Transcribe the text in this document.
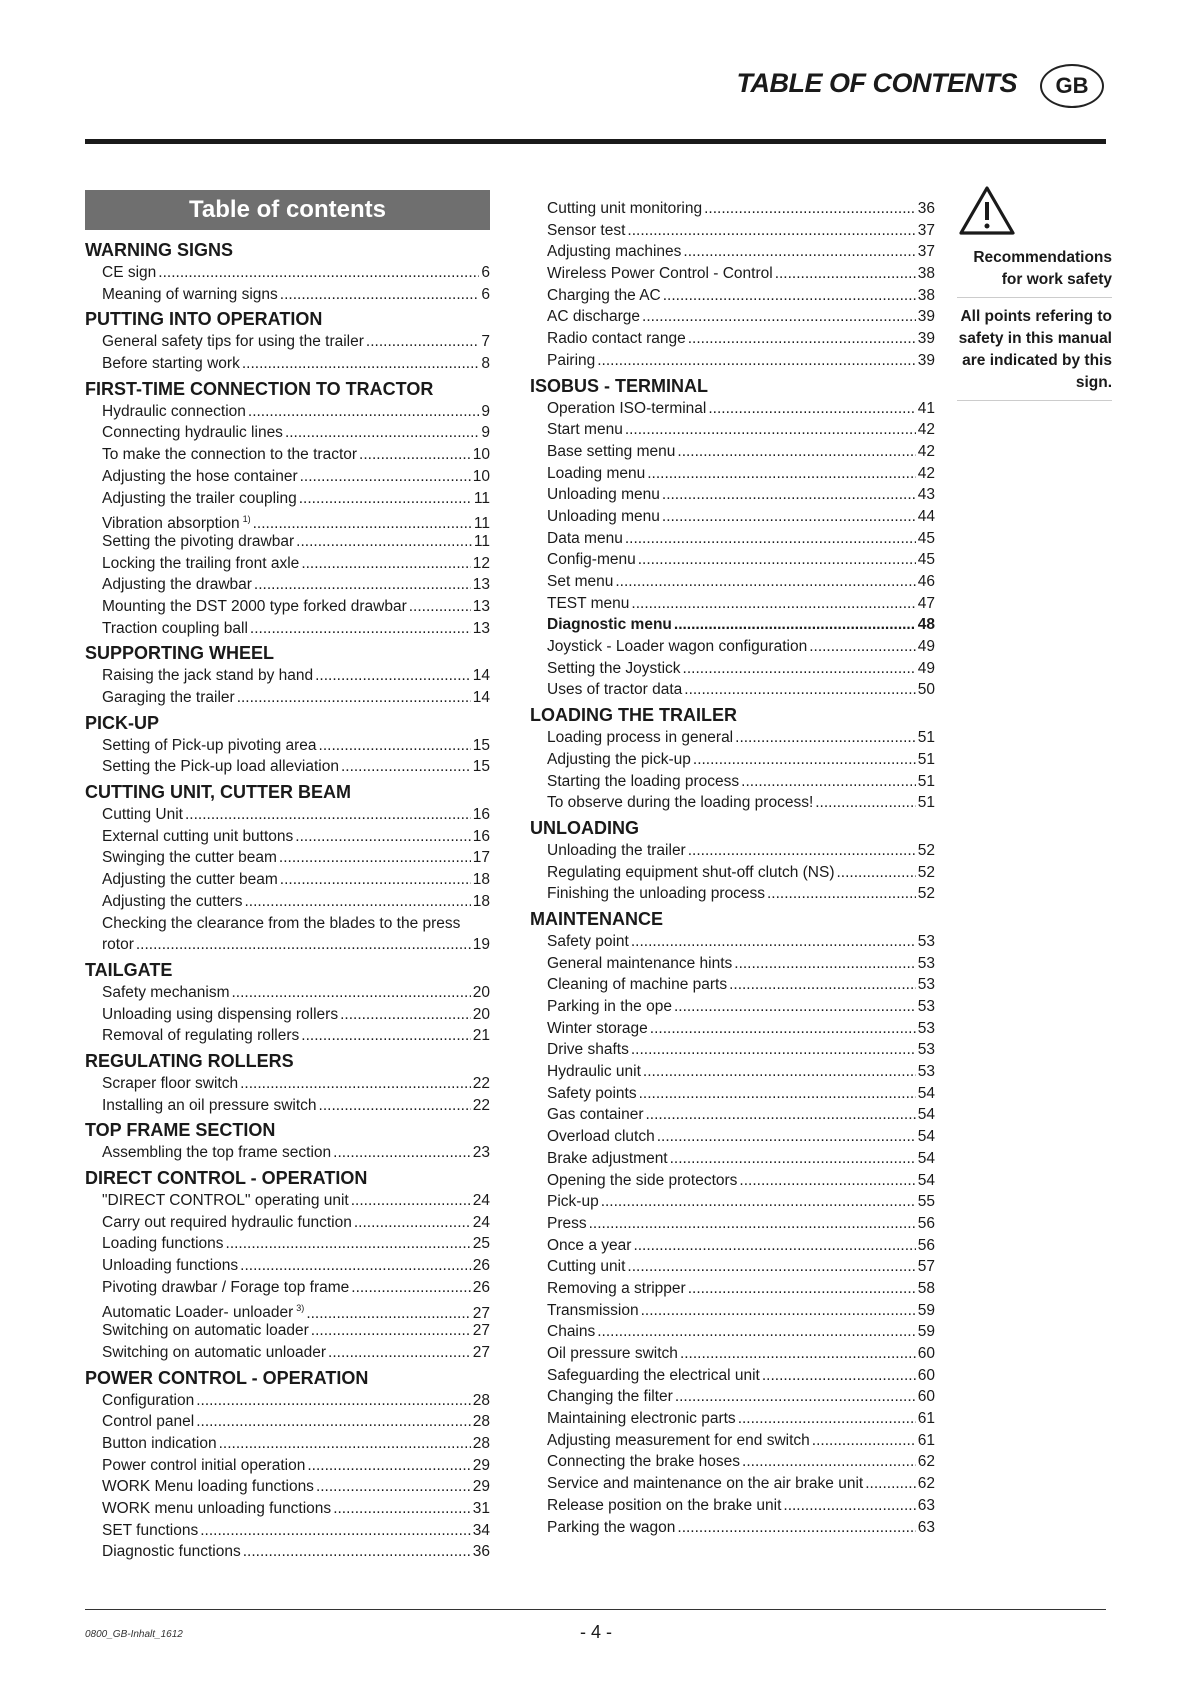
TABLE OF CONTENTS	GB
Table of contents
WARNING SIGNS
CE sign .....	6
Meaning of warning signs .....	6
PUTTING INTO OPERATION
General safety tips for using the trailer .....	7
Before starting work .....	8
FIRST-TIME CONNECTION TO TRACTOR
Hydraulic connection .....	9
Connecting hydraulic lines .....	9
To make the connection to the tractor .....	10
Adjusting the hose container .....	10
Adjusting the trailer coupling .....	11
Vibration absorption $^{1)}$ .....	11
Setting the pivoting drawbar .....	11
Locking the trailing front axle .....	12
Adjusting the drawbar .....	13
Mounting the DST 2000 type forked drawbar .....	13
Traction coupling ball .....	13
SUPPORTING WHEEL
Raising the jack stand by hand .....	14
Garaging the trailer .....	14
PICK-UP
Setting of Pick-up pivoting area .....	15
Setting the Pick-up load alleviation .....	15
CUTTING UNIT, CUTTER BEAM
Cutting Unit .....	16
External cutting unit buttons .....	16
Swinging the cutter beam .....	17
Adjusting the cutter beam .....	18
Adjusting the cutters .....	18
Checking the clearance from the blades to the press
rotor .....	19
TAILGATE
Safety mechanism .....	20
Unloading using dispensing rollers .....	20
Removal of regulating rollers .....	21
REGULATING ROLLERS
Scraper floor switch .....	22
Installing an oil pressure switch .....	22
TOP FRAME SECTION
Assembling the top frame section .....	23
DIRECT CONTROL - OPERATION
"DIRECT CONTROL" operating unit .....	24
Carry out required hydraulic function .....	24
Loading functions .....	25
Unloading functions .....	26
Pivoting drawbar / Forage top frame .....	26
Automatic Loader- unloader $^{3)}$ .....	27
Switching on automatic loader .....	27
Switching on automatic unloader .....	27
POWER CONTROL - OPERATION
Configuration .....	28
Control panel .....	28
Button indication .....	28
Power control initial operation .....	29
WORK Menu loading functions .....	29
WORK menu unloading functions .....	31
SET functions .....	34
Diagnostic functions .....	36
Cutting unit monitoring .....	36
Sensor test .....	37
Adjusting machines .....	37
Wireless Power Control - Control .....	38
Charging the AC .....	38
AC discharge .....	39
Radio contact range .....	39
Pairing .....	39
ISOBUS - TERMINAL
Operation ISO-terminal .....	41
Start menu .....	42
Base setting menu .....	42
Loading menu .....	42
Unloading menu .....	43
Unloading menu .....	44
Data menu .....	45
Config-menu .....	45
Set menu .....	46
TEST menu .....	47
Diagnostic menu .....	48
Joystick - Loader wagon configuration .....	49
Setting the Joystick .....	49
Uses of tractor data .....	50
LOADING THE TRAILER
Loading process in general .....	51
Adjusting the pick-up .....	51
Starting the loading process .....	51
To observe during the loading process! .....	51
UNLOADING
Unloading the trailer .....	52
Regulating equipment shut-off clutch (NS) .....	52
Finishing the unloading process .....	52
MAINTENANCE
Safety point .....	53
General maintenance hints .....	53
Cleaning of machine parts .....	53
Parking in the ope .....	53
Winter storage .....	53
Drive shafts .....	53
Hydraulic unit .....	53
Safety points .....	54
Gas container .....	54
Overload clutch .....	54
Brake adjustment .....	54
Opening the side protectors .....	54
Pick-up .....	55
Press .....	56
Once a year .....	56
Cutting unit .....	57
Removing a stripper .....	58
Transmission .....	59
Chains .....	59
Oil pressure switch .....	60
Safeguarding the electrical unit .....	60
Changing the filter .....	60
Maintaining electronic parts .....	61
Adjusting measurement for end switch .....	61
Connecting the brake hoses .....	62
Service and maintenance on the air brake unit .....	62
Release position on the brake unit .....	63
Parking the wagon .....	63
Recommendations for work safety
All points refering to safety in this manual are indicated by this sign.
0800_GB-Inhalt_1612	- 4 -
